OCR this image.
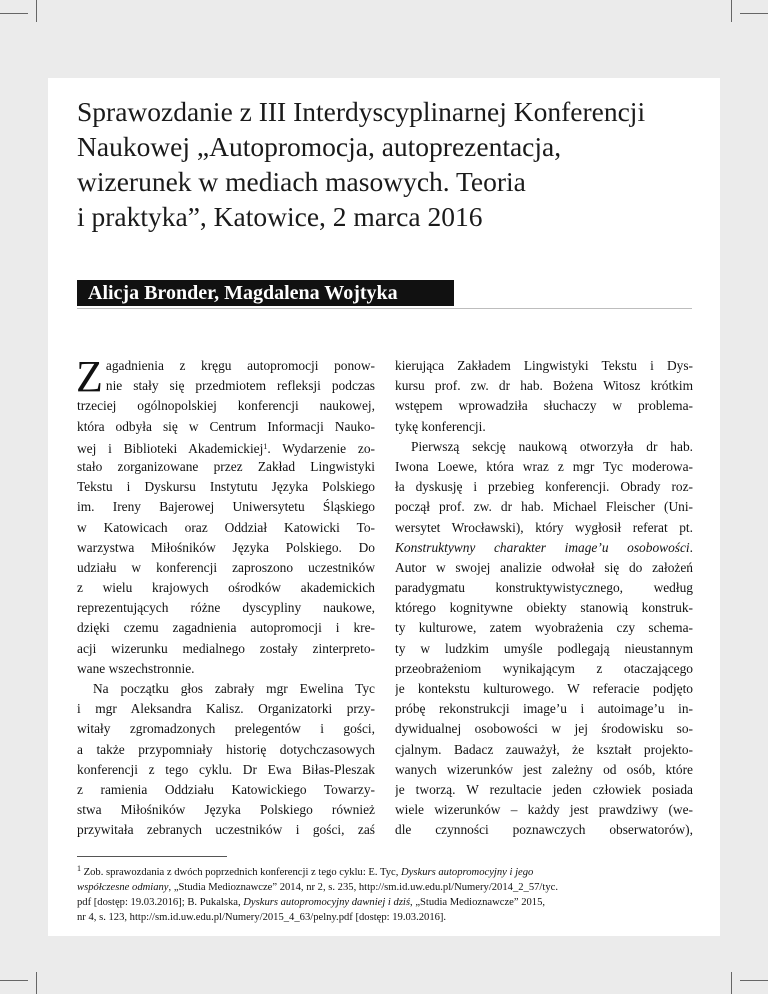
Sprawozdanie z III Interdyscyplinarnej Konferencji
Naukowej „Autopromocja, autoprezentacja,
wizerunek w mediach masowych. Teoria
i praktyka”, Katowice, 2 marca 2016
Alicja Bronder, Magdalena Wojtyka
Z agadnienia z kręgu autopromocji ponow-
nie stały się przedmiotem refleksji podczas
trzeciej ogólnopolskiej konferencji naukowej,
która odbyła się w Centrum Informacji Nauko-
wej i Biblioteki Akademickiej$^1$. Wydarzenie zo-
stało zorganizowane przez Zakład Lingwistyki
Tekstu i Dyskursu Instytutu Języka Polskiego
im. Ireny Bajerowej Uniwersytetu Śląskiego
w Katowicach oraz Oddział Katowicki To-
warzystwa Miłośników Języka Polskiego. Do
udziału w konferencji zaproszono uczestników
z wielu krajowych ośrodków akademickich
reprezentujących różne dyscypliny naukowe,
dzięki czemu zagadnienia autopromocji i kre-
acji wizerunku medialnego zostały zinterpreto-
wane wszechstronnie.
Na początku głos zabrały mgr Ewelina Tyc
i mgr Aleksandra Kalisz. Organizatorki przy-
witały zgromadzonych prelegentów i gości,
a także przypomniały historię dotychczasowych
konferencji z tego cyklu. Dr Ewa Biłas-Pleszak
z ramienia Oddziału Katowickiego Towarzy-
stwa Miłośników Języka Polskiego również
przywitała zebranych uczestników i gości, zaś
kierująca Zakładem Lingwistyki Tekstu i Dys-
kursu prof. zw. dr hab. Bożena Witosz krótkim
wstępem wprowadziła słuchaczy w problema-
tykę konferencji.
Pierwszą sekcję naukową otworzyła dr hab.
Iwona Loewe, która wraz z mgr Tyc moderowa-
ła dyskusję i przebieg konferencji. Obrady roz-
począł prof. zw. dr hab. Michael Fleischer (Uni-
wersytet Wrocławski), który wygłosił referat pt.
Konstruktywny charakter image’u osobowości.
Autor w swojej analizie odwołał się do założeń
paradygmatu konstruktywistycznego, według
którego kognitywne obiekty stanowią konstruk-
ty kulturowe, zatem wyobrażenia czy schema-
ty w ludzkim umyśle podlegają nieustannym
przeobrażeniom wynikającym z otaczającego
je kontekstu kulturowego. W referacie podjęto
próbę rekonstrukcji image’u i autoimage’u in-
dywidualnej osobowości w jej środowisku so-
cjalnym. Badacz zauważył, że kształt projekto-
wanych wizerunków jest zależny od osób, które
je tworzą. W rezultacie jeden człowiek posiada
wiele wizerunków – każdy jest prawdziwy (we-
dle czynności poznawczych obserwatorów),
$^1$ Zob. sprawozdania z dwóch poprzednich konferencji z tego cyklu: E. Tyc, Dyskurs autopromocyjny i jego
współczesne odmiany, „Studia Medioznawcze” 2014, nr 2, s. 235, http://sm.id.uw.edu.pl/Numery/2014_2_57/tyc.
pdf [dostęp: 19.03.2016]; B. Pukalska, Dyskurs autopromocyjny dawniej i dziś, „Studia Medioznawcze” 2015,
nr 4, s. 123, http://sm.id.uw.edu.pl/Numery/2015_4_63/pelny.pdf [dostęp: 19.03.2016].
